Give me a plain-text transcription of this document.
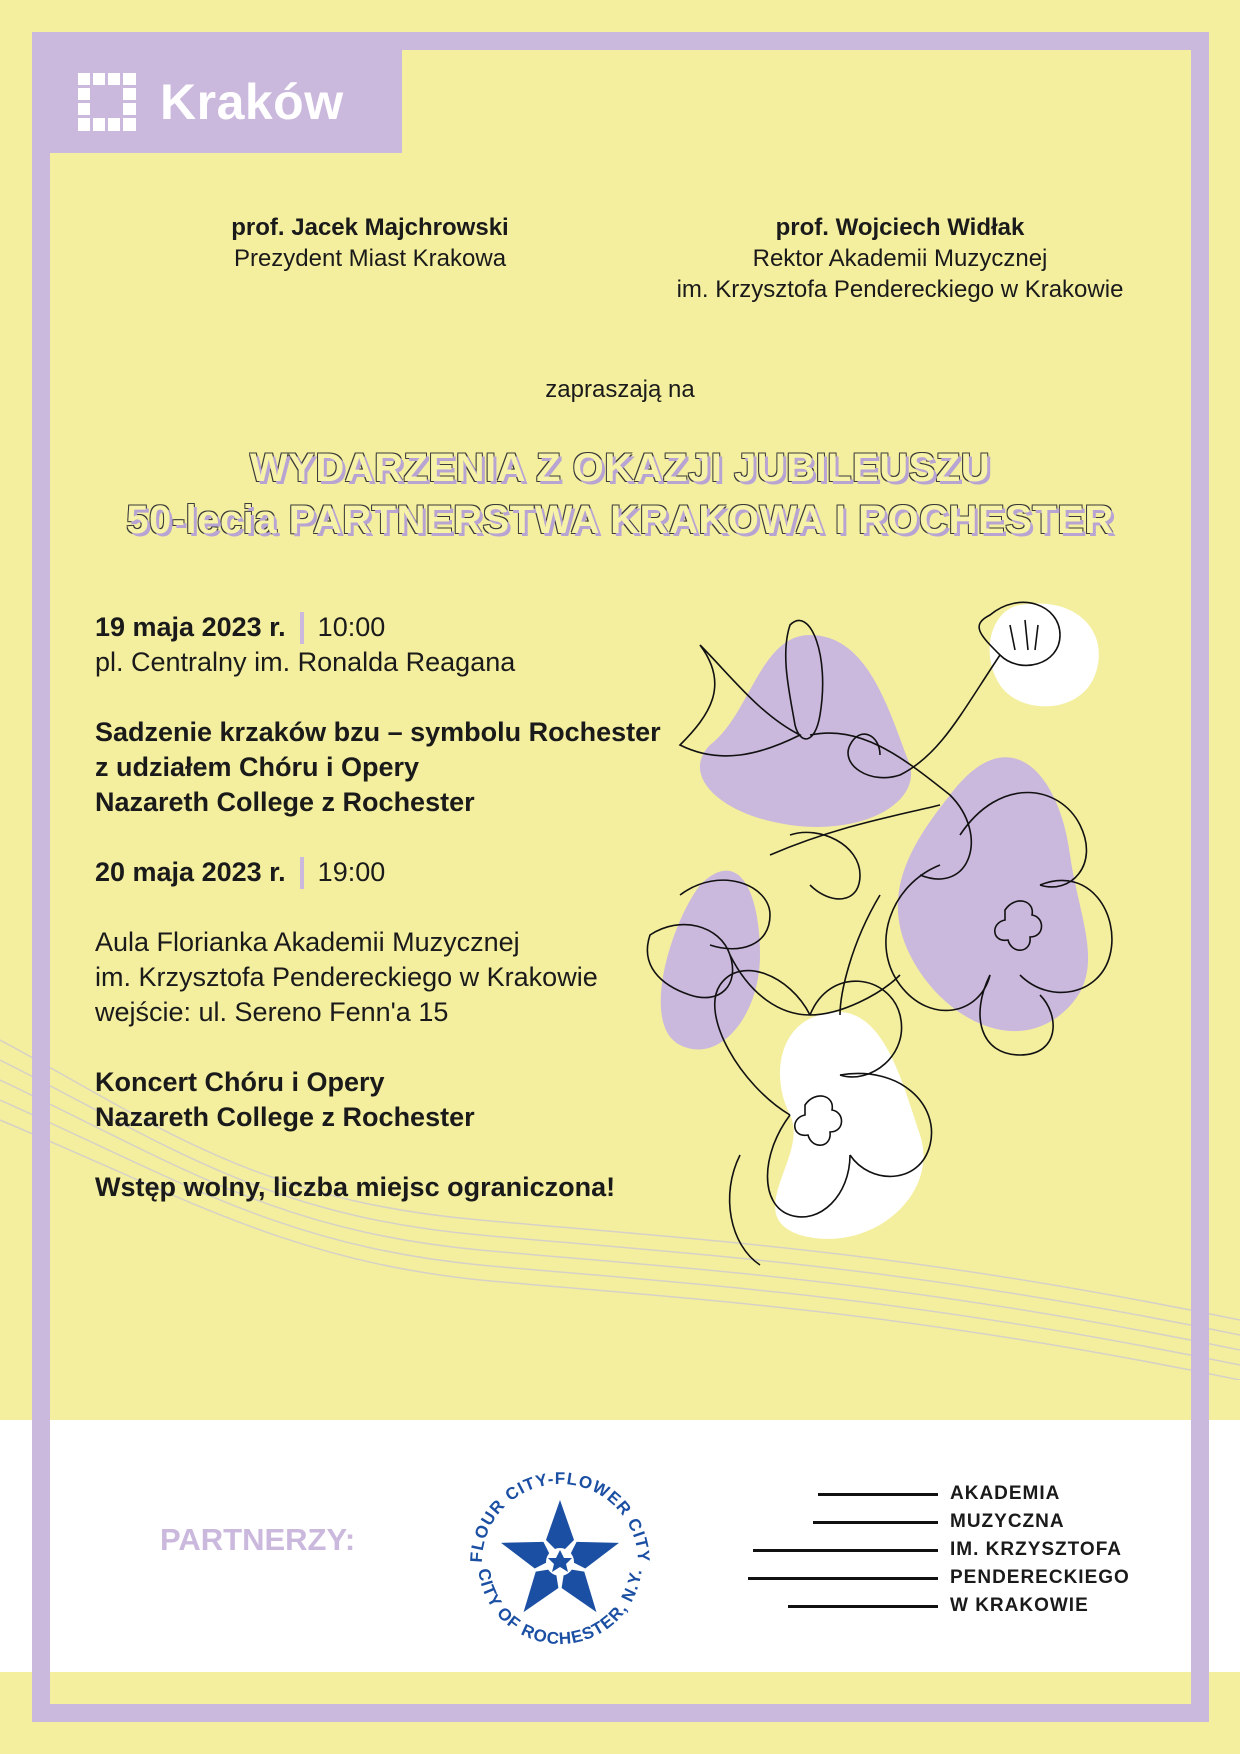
Kraków
prof. Jacek Majchrowski
Prezydent Miast Krakowa
prof. Wojciech Widłak
Rektor Akademii Muzycznej
im. Krzysztofa Pendereckiego w Krakowie
zapraszają na
WYDARZENIA Z OKAZJI JUBILEUSZU
50-lecia PARTNERSTWA KRAKOWA I ROCHESTER
19 maja 2023 r. 10:00

pl. Centralny im. Ronalda Reagana

Sadzenie krzaków bzu – symbolu Rochester

z udziałem Chóru i Opery

Nazareth College z Rochester

20 maja 2023 r. 19:00

Aula Florianka Akademii Muzycznej

im. Krzysztofa Pendereckiego w Krakowie

wejście: ul. Sereno Fenn'a 15

Koncert Chóru i Opery

Nazareth College z Rochester

Wstęp wolny, liczba miejsc ograniczona!

PARTNERZY:	FLOUR CITY-FLOWER CITY
CITY OF ROCHESTER, N.Y.
AKADEMIA
MUZYCZNA
IM. KRZYSZTOFA
PENDERECKIEGO
W KRAKOWIE
